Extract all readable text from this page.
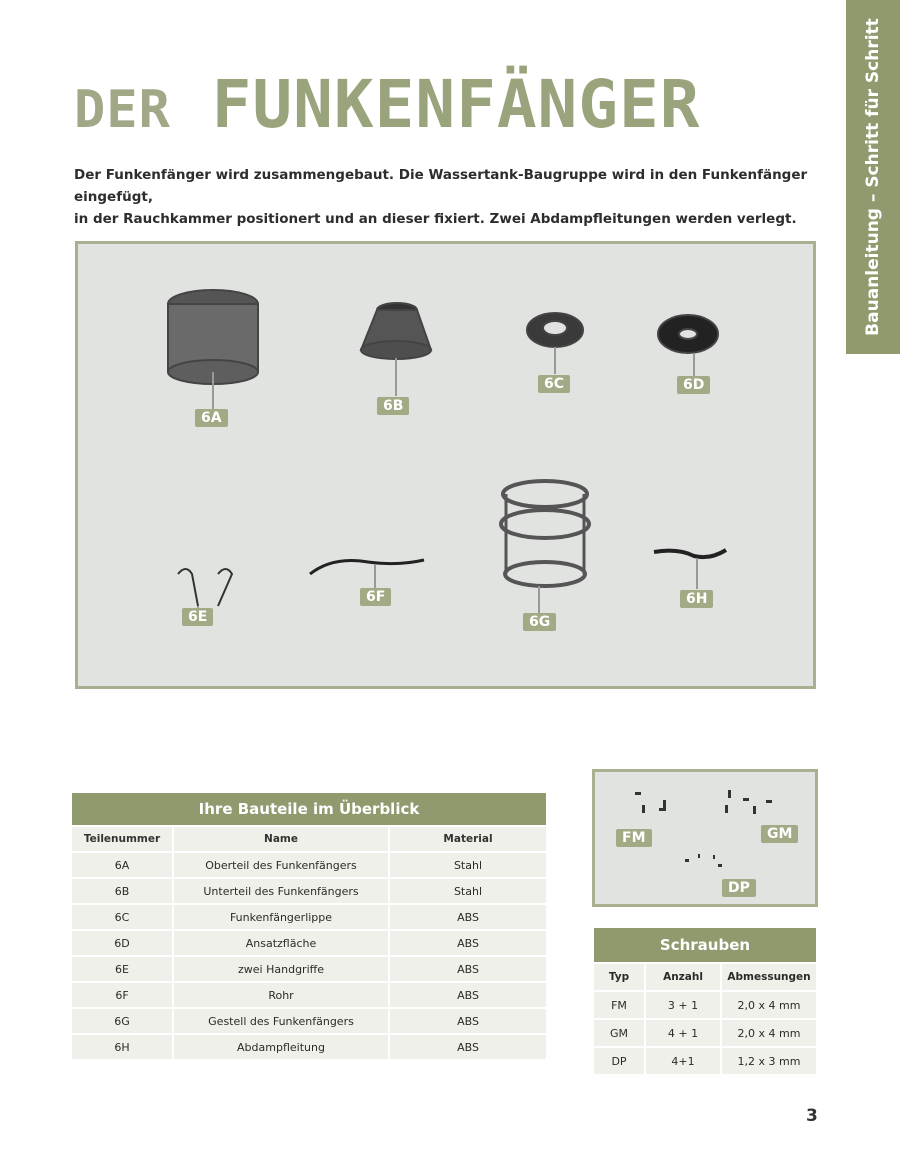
Bauanleitung – Schritt für Schritt
DER FUNKENFÄNGER
Der Funkenfänger wird zusammengebaut. Die Wassertank-Baugruppe wird in den Funkenfänger eingefügt,
in der Rauchkammer positionert und an dieser fixiert. Zwei Abdampfleitungen werden verlegt.
6A
6B
6C	6D
6E
6F
6G
6H
Ihre Bauteile im Überblick		
Teilenummer	Name	Material
6A	Oberteil des Funkenfängers	Stahl
6B	Unterteil des Funkenfängers	Stahl
6C	Funkenfängerlippe	ABS
6D	Ansatzfläche	ABS
6E	zwei Handgriffe	ABS
6F	Rohr	ABS
6G	Gestell des Funkenfängers	ABS
6H	Abdampfleitung	ABS
FM	GM
DP
Schrauben		
Typ	Anzahl	Abmessungen
FM	3 + 1	2,0 x 4 mm
GM	4 + 1	2,0 x 4 mm
DP	4+1	1,2 x 3 mm
3
